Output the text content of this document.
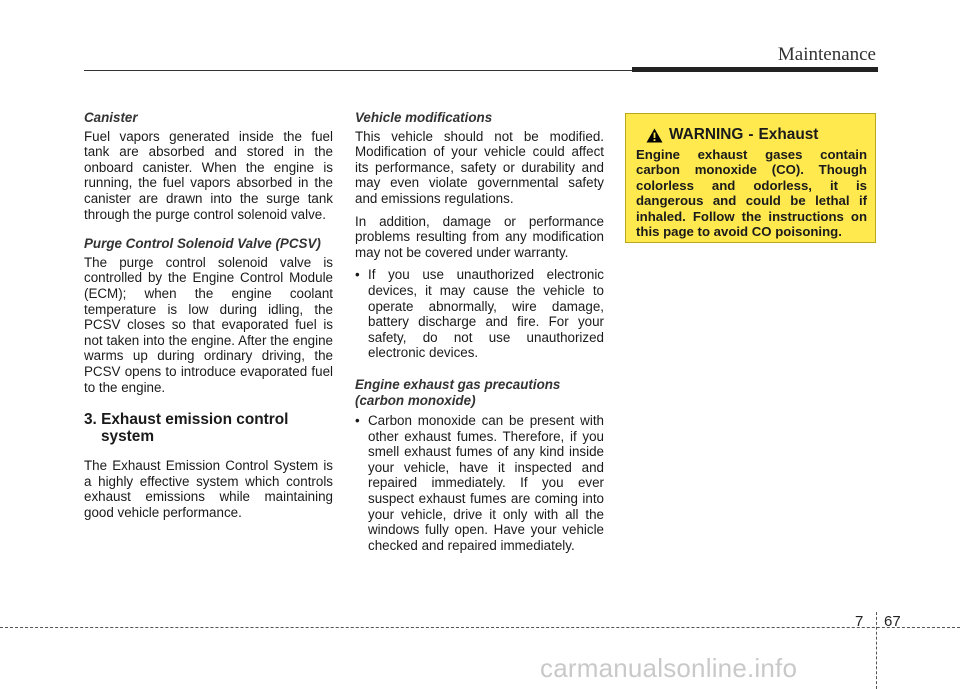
Maintenance
Canister

Fuel vapors generated inside the fuel tank are absorbed and stored in the onboard canister. When the engine is running, the fuel vapors absorbed in the canister are drawn into the surge tank through the purge control solenoid valve.

Purge Control Solenoid Valve (PCSV)

The purge control solenoid valve is controlled by the Engine Control Module (ECM); when the engine coolant temperature is low during idling, the PCSV closes so that evaporated fuel is not taken into the engine. After the engine warms up during ordinary driving, the PCSV opens to introduce evaporated fuel to the engine.

3. Exhaust emission control
system

The Exhaust Emission Control System is a highly effective system which controls exhaust emissions while maintaining good vehicle performance.

Vehicle modifications

This vehicle should not be modified. Modification of your vehicle could affect its performance, safety or durability and may even violate governmental safety and emissions regulations.

In addition, damage or performance problems resulting from any modification may not be covered under warranty.

• If you use unauthorized electronic devices, it may cause the vehicle to operate abnormally, wire damage, battery discharge and fire. For your safety, do not use unauthorized electronic devices.
Engine exhaust gas precautions
(carbon monoxide)
• Carbon monoxide can be present with other exhaust fumes. Therefore, if you smell exhaust fumes of any kind inside your vehicle, have it inspected and repaired immediately. If you ever suspect exhaust fumes are coming into your vehicle, drive it only with all the windows fully open. Have your vehicle checked and repaired immediately.
WARNING - Exhaust
Engine exhaust gases contain carbon monoxide (CO). Though colorless and odorless, it is dangerous and could be lethal if inhaled. Follow the instructions on this page to avoid CO poisoning.
7 67
carmanualsonline.info
